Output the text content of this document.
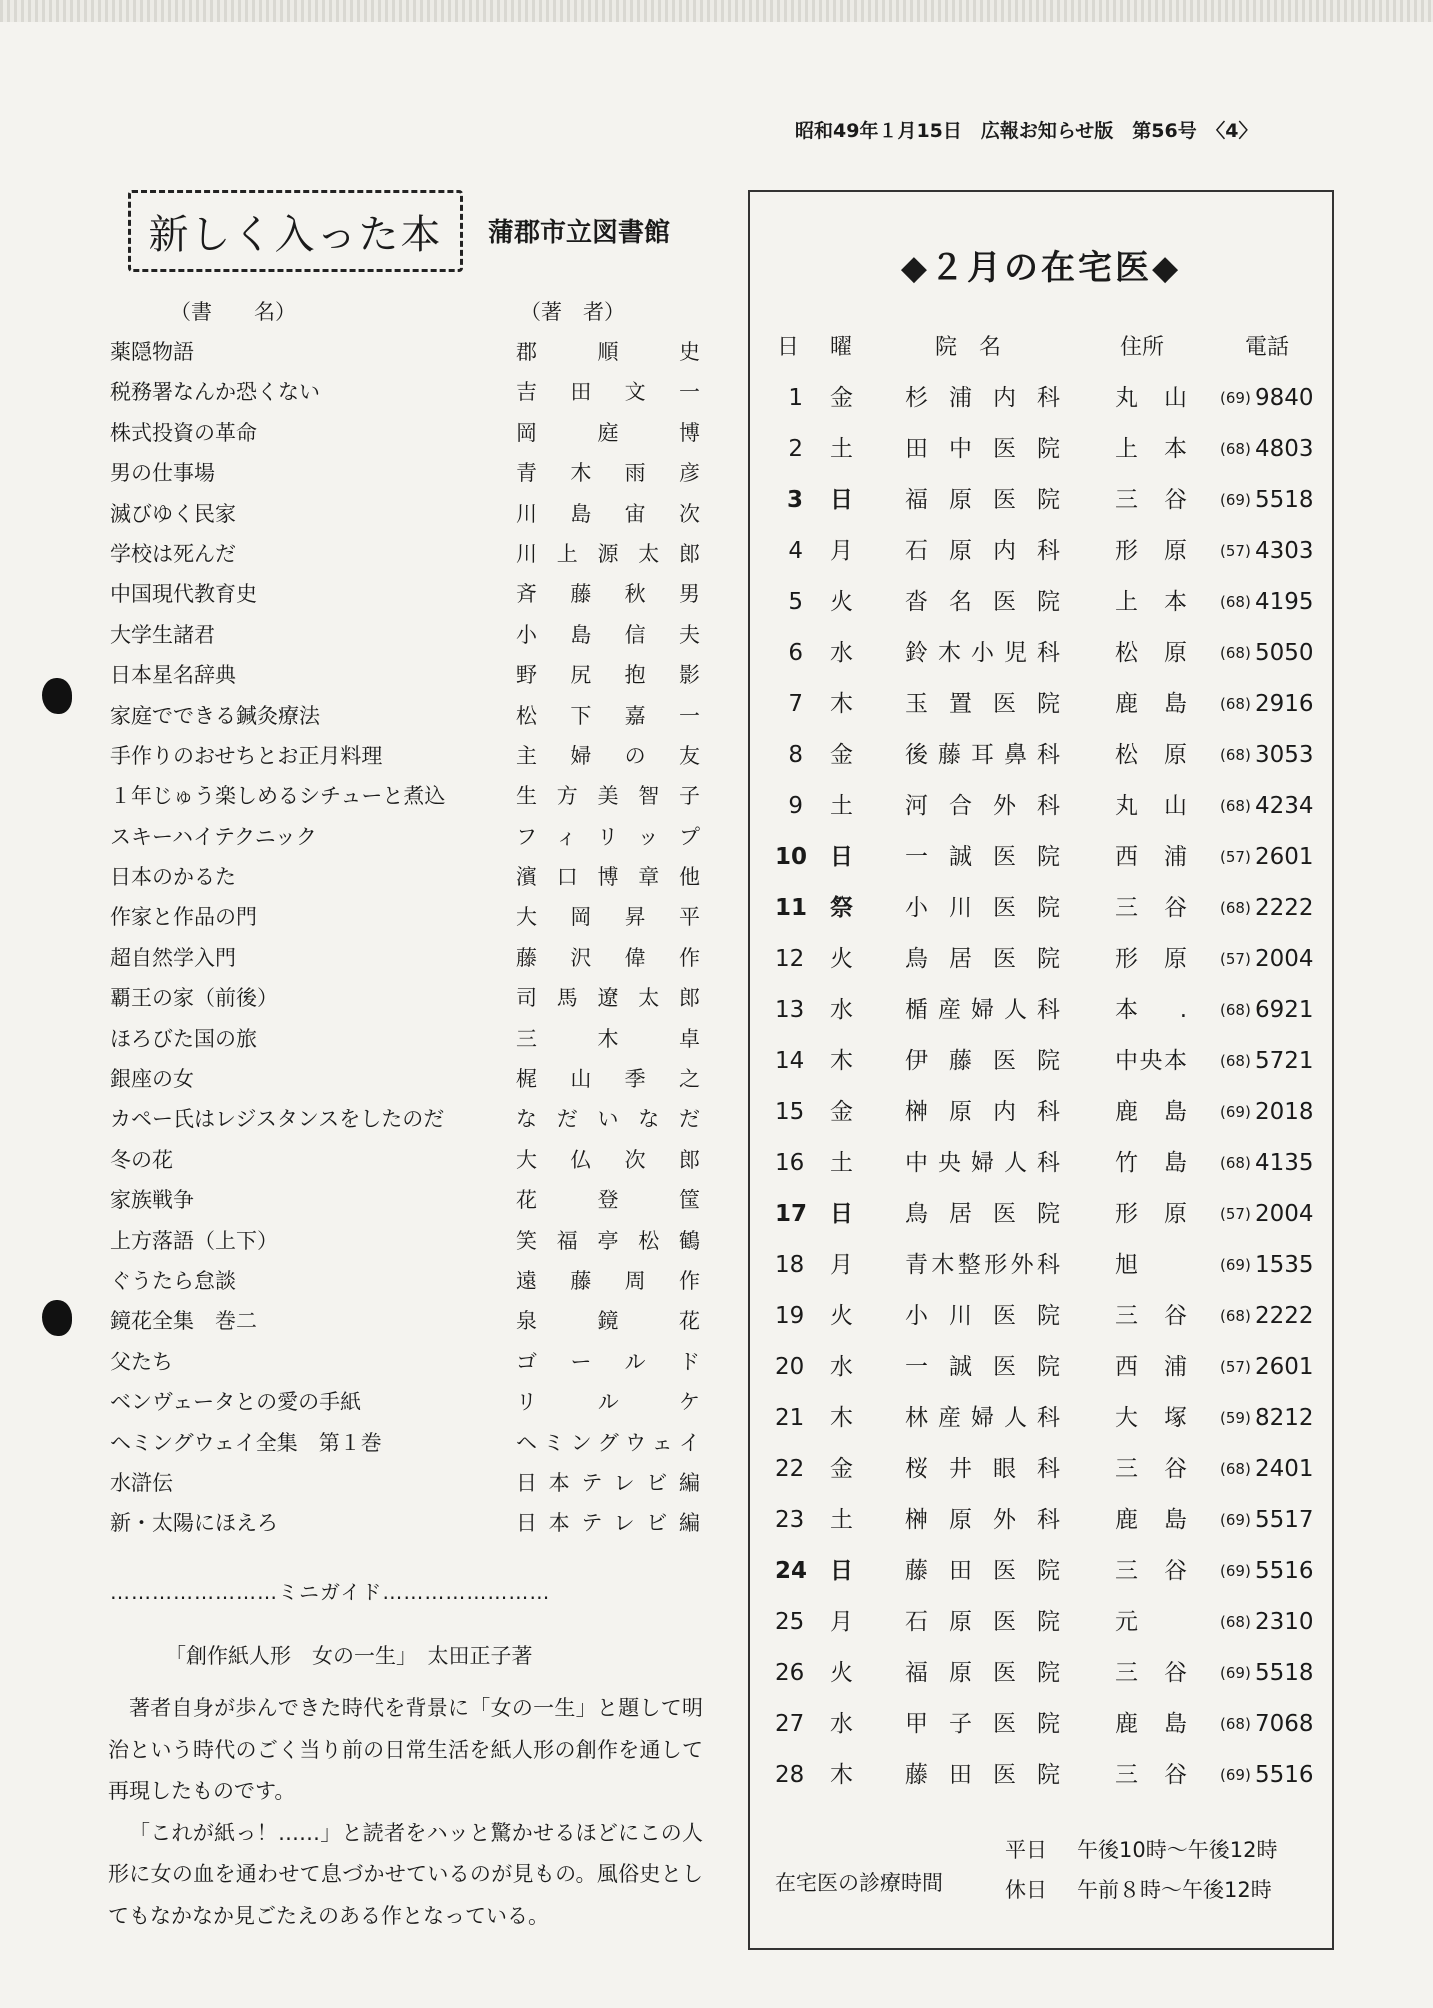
昭和49年１月15日　広報お知らせ版　第56号　〈4〉
新しく入った本 蒲郡市立図書館
（書　　名）	（著　者）
薬隠物語	郡順史
税務署なんか恐くない	吉田文一
株式投資の革命	岡庭博
男の仕事場	青木雨彦
滅びゆく民家	川島宙次
学校は死んだ	川上源太郎
中国現代教育史	斉藤秋男
大学生諸君	小島信夫
日本星名辞典	野尻抱影
家庭でできる鍼灸療法	松下嘉一
手作りのおせちとお正月料理	主婦の友
１年じゅう楽しめるシチューと煮込	生方美智子
スキーハイテクニック	フィリップ
日本のかるた	濱口博章他
作家と作品の門	大岡昇平
超自然学入門	藤沢偉作
覇王の家（前後）	司馬遼太郎
ほろびた国の旅	三木卓
銀座の女	梶山季之
カペー氏はレジスタンスをしたのだ	なだいなだ
冬の花	大仏次郎
家族戦争	花登筺
上方落語（上下）	笑福亭松鶴
ぐうたら怠談	遠藤周作
鏡花全集　巻二	泉鏡花
父たち	ゴールド
ベンヴェータとの愛の手紙	リルケ
ヘミングウェイ全集　第１巻	ヘミングウェイ
水滸伝	日本テレビ編
新・太陽にほえろ	日本テレビ編
……………………ミニガイド……………………
「創作紙人形　女の一生」　太田正子著

著者自身が歩んできた時代を背景に「女の一生」と題して明治という時代のごく当り前の日常生活を紙人形の創作を通して再現したものです。

「これが紙っ！……」と読者をハッと驚かせるほどにこの人形に女の血を通わせて息づかせているのが見もの。風俗史としてもなかなか見ごたえのある作となっている。

◆２月の在宅医◆
日 曜	院　名	住所	電話
1 金 杉浦内科 丸山 (69) 9840
2 土 田中医院 上本 (68) 4803
3 日 福原医院 三谷 (69) 5518
4 月 石原内科 形原 (57) 4303
5 火 沓名医院 上本 (68) 4195
6 水 鈴木小児科 松原 (68) 5050
7 木 玉置医院 鹿島 (68) 2916
8 金 後藤耳鼻科 松原 (68) 3053
9 土 河合外科 丸山 (68) 4234
10 日 一誠医院 西浦 (57) 2601
11 祭 小川医院 三谷 (68) 2222
12 火 鳥居医院 形原 (57) 2004
13 水 楯産婦人科 本. (68) 6921
14 木 伊藤医院 中央本 (68) 5721
15 金 榊原内科 鹿島 (69) 2018
16 土 中央婦人科 竹島 (68) 4135
17 日 鳥居医院 形原 (57) 2004
18 月 青木整形外科 旭	(69) 1535
19 火 小川医院 三谷 (68) 2222
20 水 一誠医院 西浦 (57) 2601
21 木 林産婦人科 大塚 (59) 8212
22 金 桜井眼科 三谷 (68) 2401
23 土 榊原外科 鹿島 (69) 5517
24 日 藤田医院 三谷 (69) 5516
25 月 石原医院 元	(68) 2310
26 火 福原医院 三谷 (69) 5518
27 水 甲子医院 鹿島 (68) 7068
28 木 藤田医院 三谷 (69) 5516
在宅医の診療時間
平日 午後10時〜午後12時
休日 午前８時〜午後12時
